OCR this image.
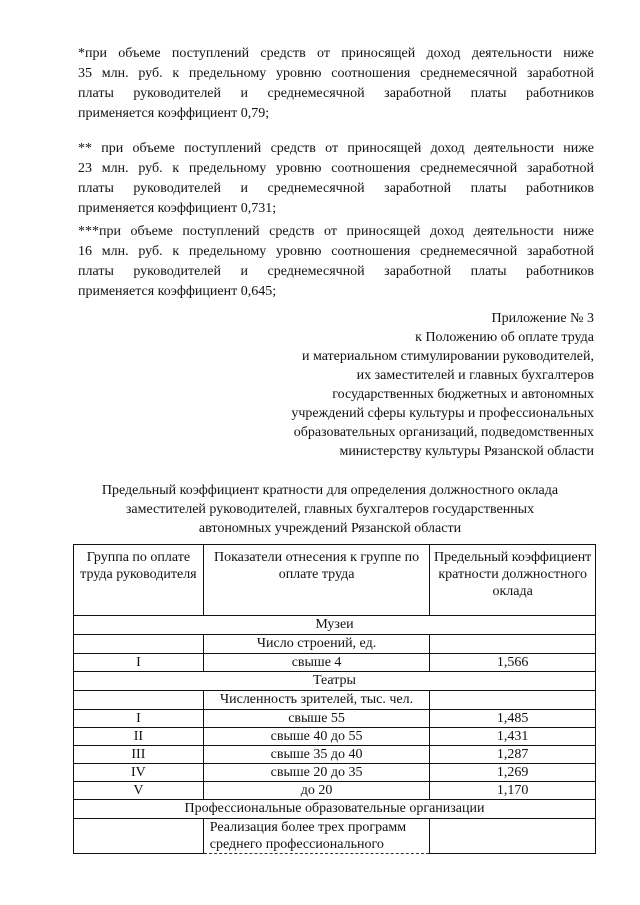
*при объеме поступлений средств от приносящей доход деятельности ниже
35 млн. руб. к предельному уровню соотношения среднемесячной заработной
платы руководителей и среднемесячной заработной платы работников
применяется коэффициент 0,79;
** при объеме поступлений средств от приносящей доход деятельности ниже
23 млн. руб. к предельному уровню соотношения среднемесячной заработной
платы руководителей и среднемесячной заработной платы работников
применяется коэффициент 0,731;
***при объеме поступлений средств от приносящей доход деятельности ниже
16 млн. руб. к предельному уровню соотношения среднемесячной заработной
платы руководителей и среднемесячной заработной платы работников
применяется коэффициент 0,645;
Приложение № 3
к Положению об оплате труда
и материальном стимулировании руководителей,
их заместителей и главных бухгалтеров
государственных бюджетных и автономных
учреждений сферы культуры и профессиональных
образовательных организаций, подведомственных
министерству культуры Рязанской области
Предельный коэффициент кратности для определения должностного оклада
заместителей руководителей, главных бухгалтеров государственных
автономных учреждений Рязанской области
Группа по оплате труда руководителя	Показатели отнесения к группе по оплате труда	Предельный коэффициент кратности должностного оклада
Музеи		
	Число строений, ед.	
I	свыше 4	1,566
Театры		
	Численность зрителей, тыс. чел.	
I	свыше 55	1,485
II	свыше 40 до 55	1,431
III	свыше 35 до 40	1,287
IV	свыше 20 до 35	1,269
V	до 20	1,170
Профессиональные образовательные организации		

	Реализация более трех программ
среднего профессионального	
